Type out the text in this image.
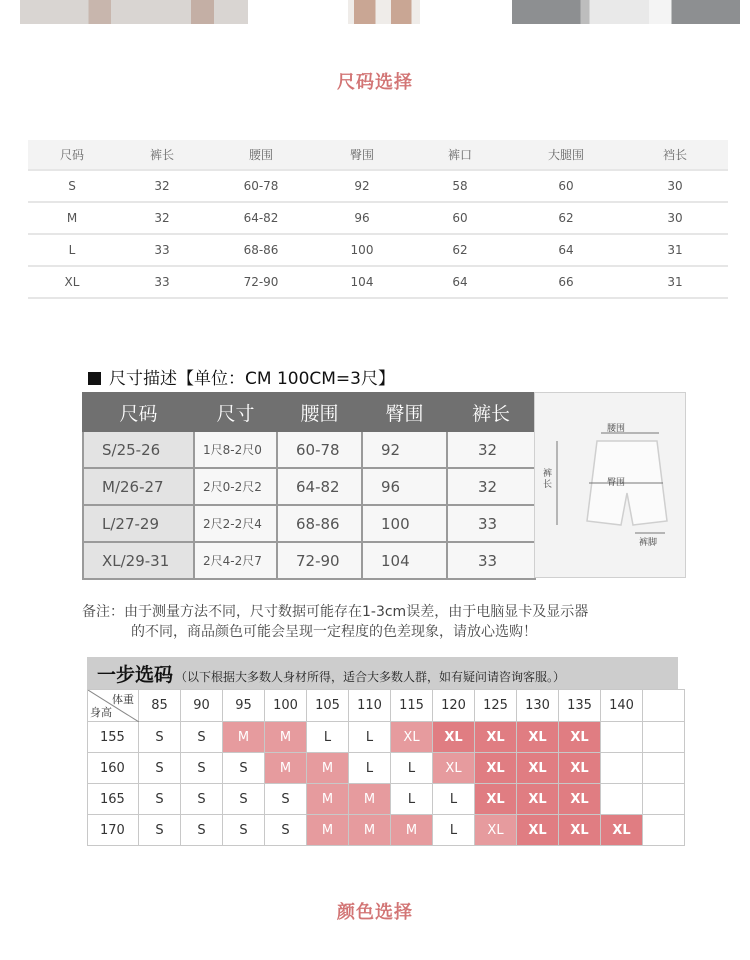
尺码选择
尺码	裤长	腰围	臀围	裤口	大腿围	裆长
S	32	60-78	92	58	60	30
M	32	64-82	96	60	62	30
L	33	68-86	100	62	64	31
XL	33	72-90	104	64	66	31
尺寸描述【单位：CM 100CM=3尺】
尺码	尺寸	腰围	臀围	裤长
S/25-26	1尺8-2尺0	60-78	92	32
M/26-27	2尺0-2尺2	64-82	96	32
L/27-29	2尺2-2尺4	68-86	100	33
XL/29-31	2尺4-2尺7	72-90	104	33
腰围
臀围
裤长
裤脚
备注：由于测量方法不同，尺寸数据可能存在1-3cm误差，由于电脑显卡及显示器
的不同，商品颜色可能会呈现一定程度的色差现象，请放心选购！
一步选码 （以下根据大多数人身材所得，适合大多数人群，如有疑问请咨询客服。）
体重
身高	85	90	95	100	105	110	115	120	125	130	135	140	
155	S	S	M	M	L	L	XL	XL	XL	XL	XL		
160	S	S	S	M	M	L	L	XL	XL	XL	XL		
165	S	S	S	S	M	M	L	L	XL	XL	XL		
170	S	S	S	S	M	M	M	L	XL	XL	XL	XL	
颜色选择
